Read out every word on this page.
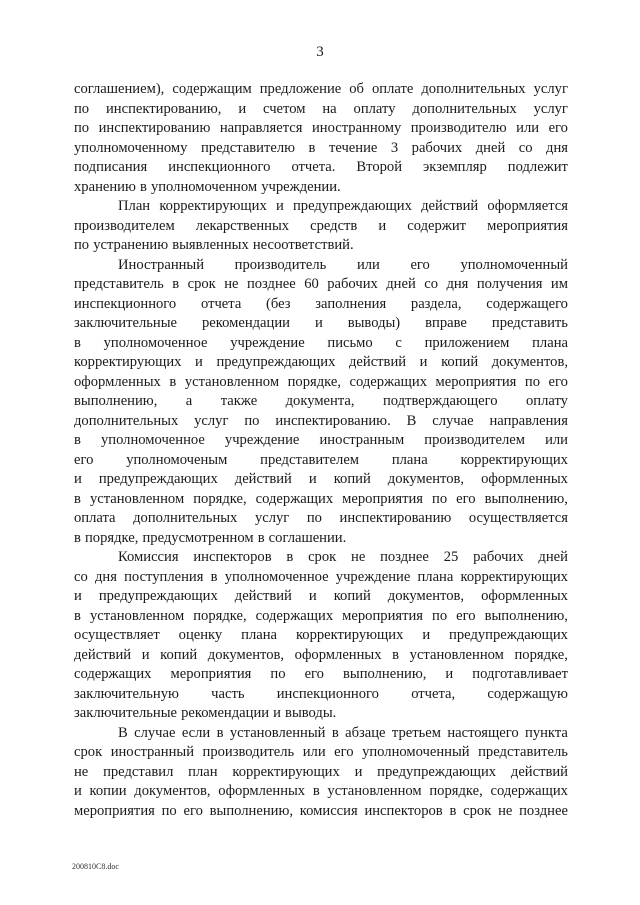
3
соглашением), содержащим предложение об оплате дополнительных услуг
по инспектированию, и счетом на оплату дополнительных услуг
по инспектированию направляется иностранному производителю или его
уполномоченному представителю в течение 3 рабочих дней со дня
подписания инспекционного отчета. Второй экземпляр подлежит
хранению в уполномоченном учреждении.
План корректирующих и предупреждающих действий оформляется
производителем лекарственных средств и содержит мероприятия
по устранению выявленных несоответствий.
Иностранный производитель или его уполномоченный
представитель в срок не позднее 60 рабочих дней со дня получения им
инспекционного отчета (без заполнения раздела, содержащего
заключительные рекомендации и выводы) вправе представить
в уполномоченное учреждение письмо с приложением плана
корректирующих и предупреждающих действий и копий документов,
оформленных в установленном порядке, содержащих мероприятия по его
выполнению, а также документа, подтверждающего оплату
дополнительных услуг по инспектированию. В случае направления
в уполномоченное учреждение иностранным производителем или
его уполномоченым представителем плана корректирующих
и предупреждающих действий и копий документов, оформленных
в установленном порядке, содержащих мероприятия по его выполнению,
оплата дополнительных услуг по инспектированию осуществляется
в порядке, предусмотренном в соглашении.
Комиссия инспекторов в срок не позднее 25 рабочих дней
со дня поступления в уполномоченное учреждение плана корректирующих
и предупреждающих действий и копий документов, оформленных
в установленном порядке, содержащих мероприятия по его выполнению,
осуществляет оценку плана корректирующих и предупреждающих
действий и копий документов, оформленных в установленном порядке,
содержащих мероприятия по его выполнению, и подготавливает
заключительную часть инспекционного отчета, содержащую
заключительные рекомендации и выводы.
В случае если в установленный в абзаце третьем настоящего пункта
срок иностранный производитель или его уполномоченный представитель
не представил план корректирующих и предупреждающих действий
и копии документов, оформленных в установленном порядке, содержащих
мероприятия по его выполнению, комиссия инспекторов в срок не позднее
200810C8.doc
